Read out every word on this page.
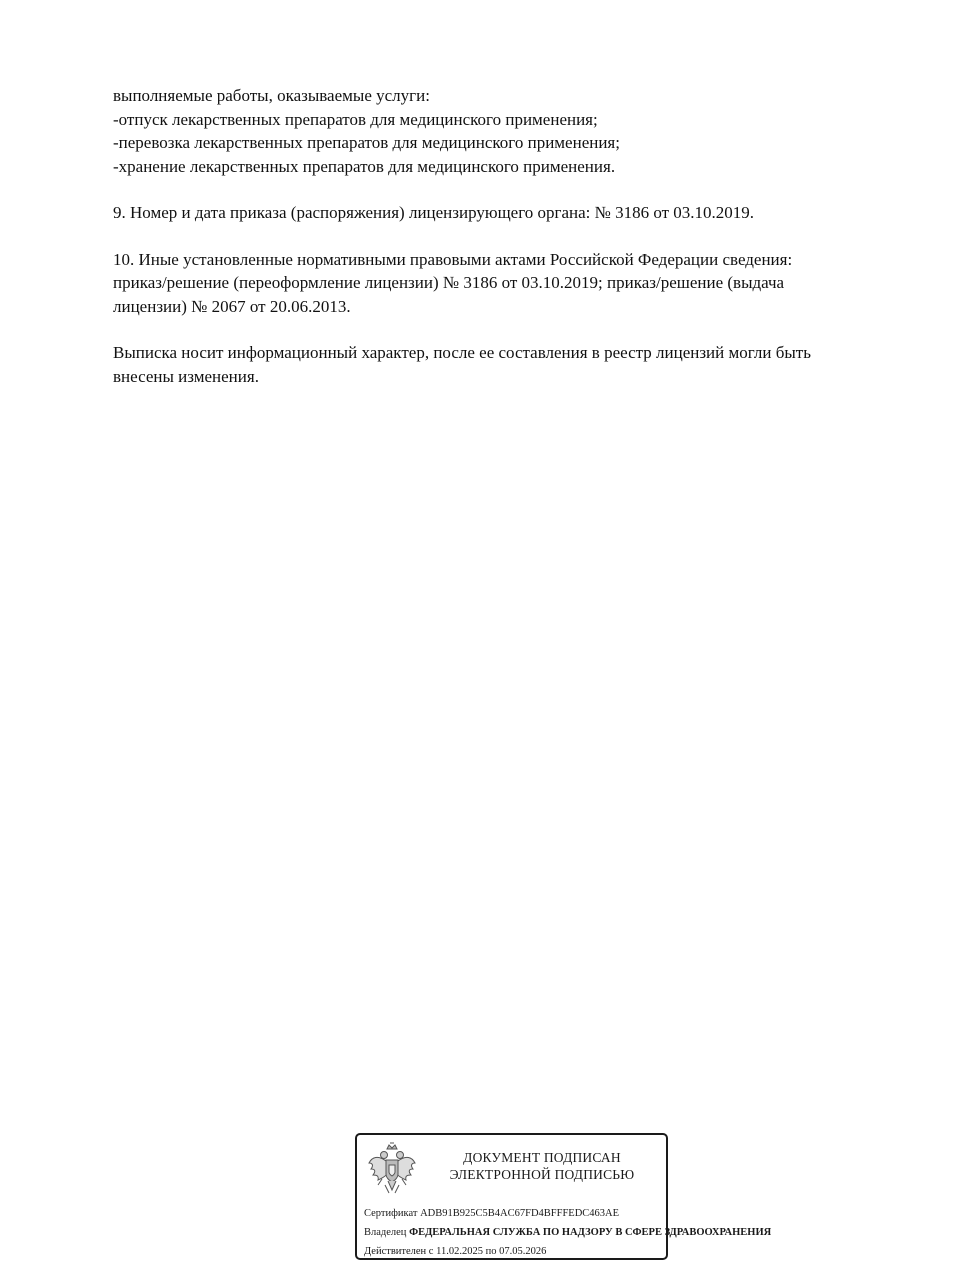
выполняемые работы, оказываемые услуги:
-отпуск лекарственных препаратов для медицинского применения;
-перевозка лекарственных препаратов для медицинского применения;
-хранение лекарственных препаратов для медицинского применения.

9. Номер и дата приказа (распоряжения) лицензирующего органа: № 3186 от 03.10.2019.

10. Иные установленные нормативными правовыми актами Российской Федерации сведения:
приказ/решение (переоформление лицензии) № 3186 от 03.10.2019; приказ/решение (выдача
лицензии) № 2067 от 20.06.2013.

Выписка носит информационный характер, после ее составления в реестр лицензий могли быть
внесены изменения.

ДОКУМЕНТ ПОДПИСАН
ЭЛЕКТРОННОЙ ПОДПИСЬЮ
Сертификат ADB91B925C5B4AC67FD4BFFFEDC463AE
Владелец ФЕДЕРАЛЬНАЯ СЛУЖБА ПО НАДЗОРУ В СФЕРЕ ЗДРАВООХРАНЕНИЯ
Действителен с 11.02.2025 по 07.05.2026
